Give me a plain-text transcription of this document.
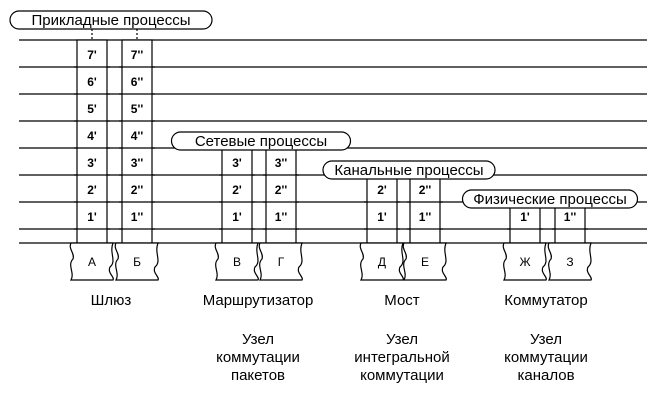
1'
2'
3'
4'
5'
6'
7'
А
1''
2''
3''
4''
5''
6''
7''
Б
1'
2'
3'
В
1''
2''
3''
Г
1'
2'
Д
1''
2''
Е
1'
Ж
1''
З
Прикладные процессы
Сетевые процессы
Канальные процессы
Физические процессы
Шлюз	Маршрутизатор
Узел
коммутации
пакетов
Мост
Узел
интегральной
коммутации
Коммутатор
Узел
коммутации
каналов
